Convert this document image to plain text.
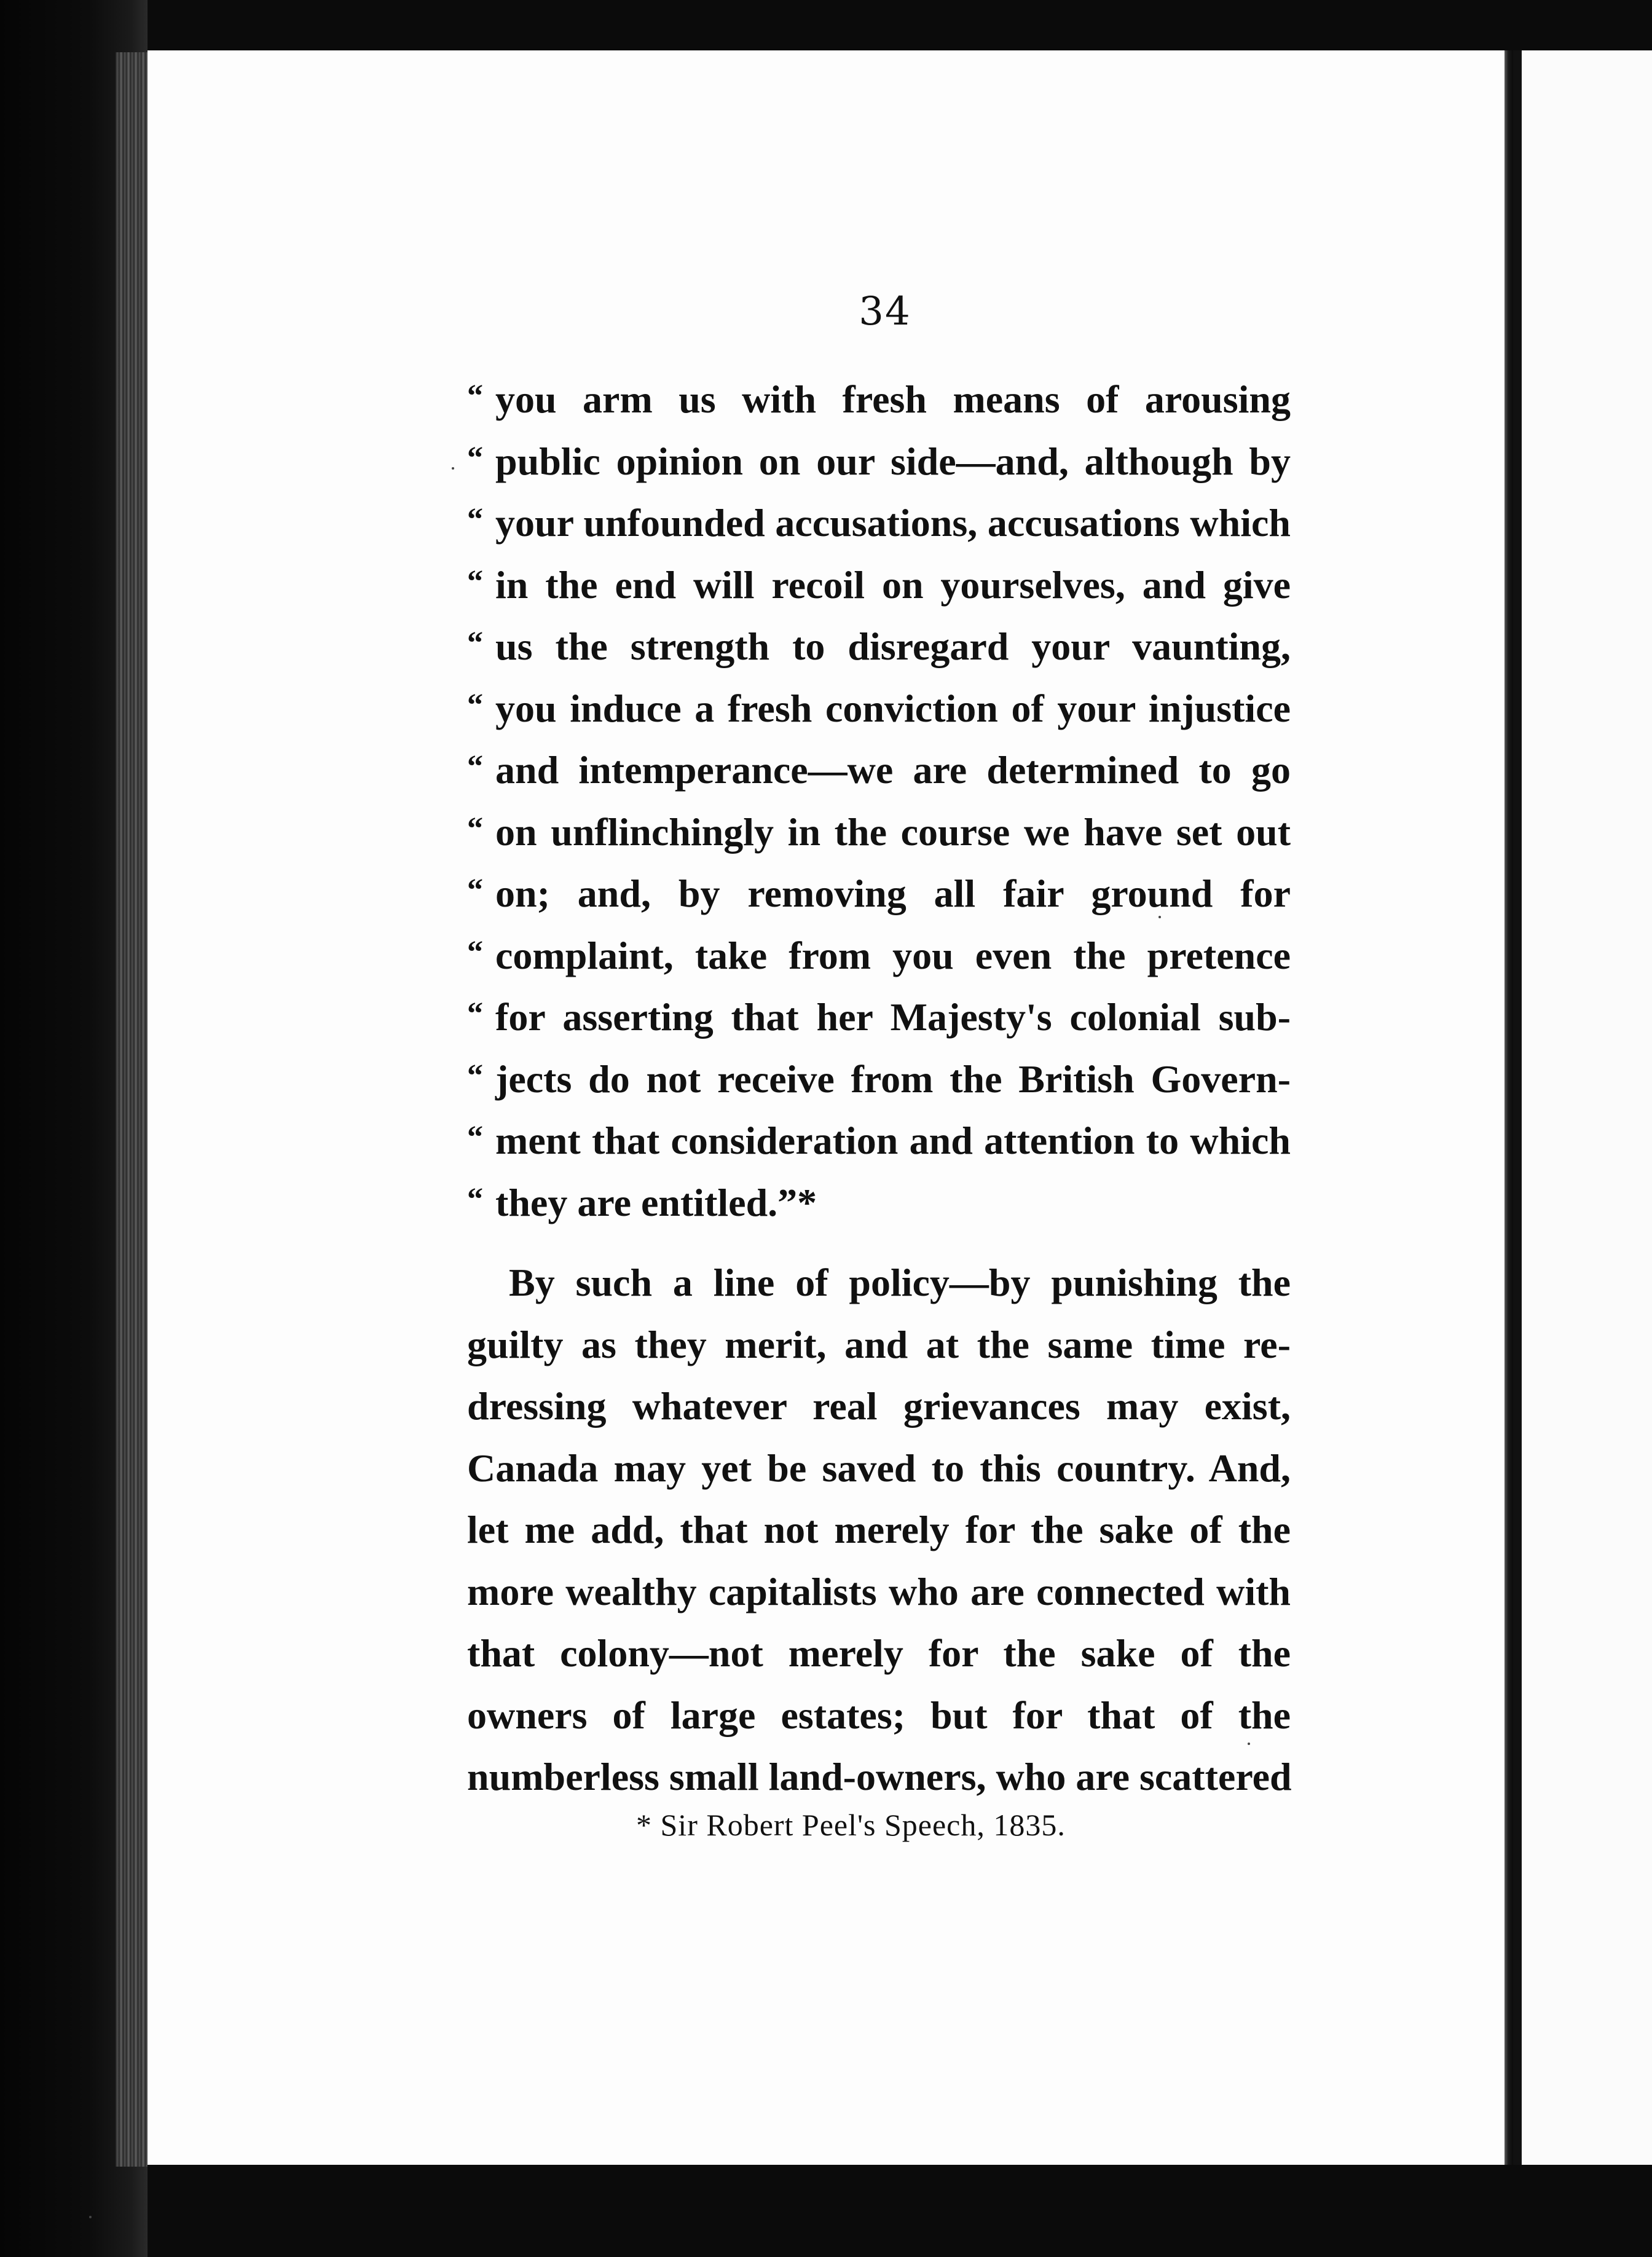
34
“ you arm us with fresh means of arousing
“ public opinion on our side—and, although by
“ your unfounded accusations, accusations which
“ in the end will recoil on yourselves, and give
“ us the strength to disregard your vaunting,
“ you induce a fresh conviction of your injustice
“ and intemperance—we are determined to go
“ on unflinchingly in the course we have set out
“ on; and, by removing all fair ground for
“ complaint, take from you even the pretence
“ for asserting that her Majesty's colonial sub-
“ jects do not receive from the British Govern-
“ ment that consideration and attention to which
“ they are entitled.”*
By such a line of policy—by punishing the
guilty as they merit, and at the same time re-
dressing whatever real grievances may exist,
Canada may yet be saved to this country. And,
let me add, that not merely for the sake of the
more wealthy capitalists who are connected with
that colony—not merely for the sake of the
owners of large estates; but for that of the
numberless small land-owners, who are scattered
* Sir Robert Peel's Speech, 1835.
